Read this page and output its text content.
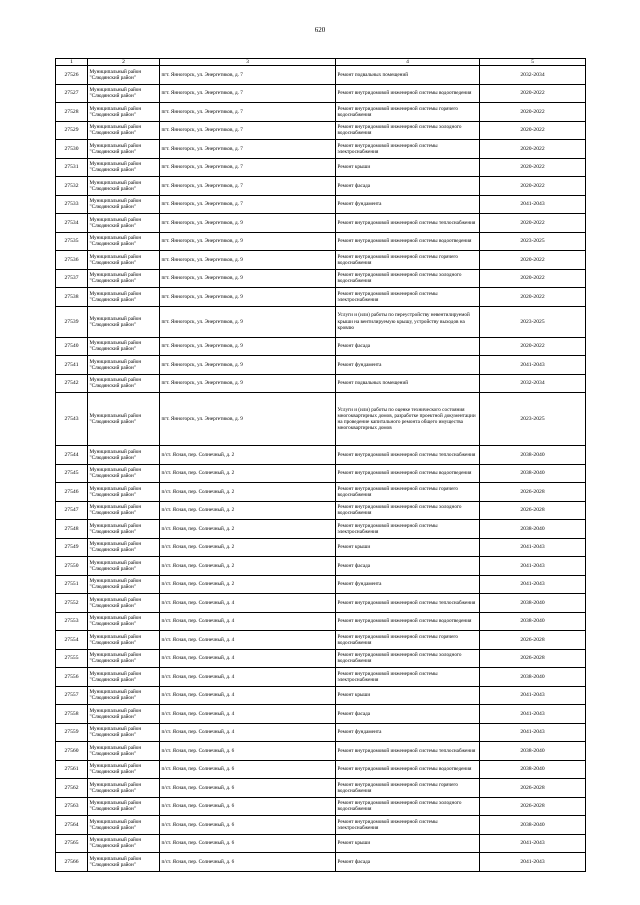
620
1	2	3	4	5
27526	Муниципальный район "Слюдянский район"	пгт. Янногорск, ул. Энергетиков, д. 7	Ремонт подвальных помещений	2032-2034
27527	Муниципальный район "Слюдянский район"	пгт. Янногорск, ул. Энергетиков, д. 7	Ремонт внутридомовой инженерной системы водоотведения	2020-2022
27528	Муниципальный район "Слюдянский район"	пгт. Янногорск, ул. Энергетиков, д. 7	Ремонт внутридомовой инженерной системы горячего водоснабжения	2020-2022
27529	Муниципальный район "Слюдянский район"	пгт. Янногорск, ул. Энергетиков, д. 7	Ремонт внутридомовой инженерной системы холодного водоснабжения	2020-2022
27530	Муниципальный район "Слюдянский район"	пгт. Янногорск, ул. Энергетиков, д. 7	Ремонт внутридомовой инженерной системы электроснабжения	2020-2022
27531	Муниципальный район "Слюдянский район"	пгт. Янногорск, ул. Энергетиков, д. 7	Ремонт крыши	2020-2022
27532	Муниципальный район "Слюдянский район"	пгт. Янногорск, ул. Энергетиков, д. 7	Ремонт фасада	2020-2022
27533	Муниципальный район "Слюдянский район"	пгт. Янногорск, ул. Энергетиков, д. 7	Ремонт фундамента	2041-2043
27534	Муниципальный район "Слюдянский район"	пгт. Янногорск, ул. Энергетиков, д. 9	Ремонт внутридомовой инженерной системы теплоснабжения	2020-2022
27535	Муниципальный район "Слюдянский район"	пгт. Янногорск, ул. Энергетиков, д. 9	Ремонт внутридомовой инженерной системы водоотведения	2023-2025
27536	Муниципальный район "Слюдянский район"	пгт. Янногорск, ул. Энергетиков, д. 9	Ремонт внутридомовой инженерной системы горячего водоснабжения	2020-2022
27537	Муниципальный район "Слюдянский район"	пгт. Янногорск, ул. Энергетиков, д. 9	Ремонт внутридомовой инженерной системы холодного водоснабжения	2020-2022
27538	Муниципальный район "Слюдянский район"	пгт. Янногорск, ул. Энергетиков, д. 9	Ремонт внутридомовой инженерной системы электроснабжения	2020-2022
27539	Муниципальный район "Слюдянский район"	пгт. Янногорск, ул. Энергетиков, д. 9	Услуги и (или) работы по переустройству невентилируемой крыши на вентилируемую крышу, устройству выходов на кровлю	2023-2025
27540	Муниципальный район "Слюдянский район"	пгт. Янногорск, ул. Энергетиков, д. 9	Ремонт фасада	2020-2022
27541	Муниципальный район "Слюдянский район"	пгт. Янногорск, ул. Энергетиков, д. 9	Ремонт фундамента	2041-2043
27542	Муниципальный район "Слюдянский район"	пгт. Янногорск, ул. Энергетиков, д. 9	Ремонт подвальных помещений	2032-2034
27543	Муниципальный район "Слюдянский район"	пгт. Янногорск, ул. Энергетиков, д. 9	Услуги и (или) работы по оценке технического состояния многоквартирных домов, разработке проектной документации на проведение капитального ремонта общего имущества многоквартирных домов	2023-2025
27544	Муниципальный район "Слюдянский район"	п/ст. Ясная, пер. Солнечный, д. 2	Ремонт внутридомовой инженерной системы теплоснабжения	2038-2040
27545	Муниципальный район "Слюдянский район"	п/ст. Ясная, пер. Солнечный, д. 2	Ремонт внутридомовой инженерной системы водоотведения	2038-2040
27546	Муниципальный район "Слюдянский район"	п/ст. Ясная, пер. Солнечный, д. 2	Ремонт внутридомовой инженерной системы горячего водоснабжения	2026-2028
27547	Муниципальный район "Слюдянский район"	п/ст. Ясная, пер. Солнечный, д. 2	Ремонт внутридомовой инженерной системы холодного водоснабжения	2026-2028
27548	Муниципальный район "Слюдянский район"	п/ст. Ясная, пер. Солнечный, д. 2	Ремонт внутридомовой инженерной системы электроснабжения	2038-2040
27549	Муниципальный район "Слюдянский район"	п/ст. Ясная, пер. Солнечный, д. 2	Ремонт крыши	2041-2043
27550	Муниципальный район "Слюдянский район"	п/ст. Ясная, пер. Солнечный, д. 2	Ремонт фасада	2041-2043
27551	Муниципальный район "Слюдянский район"	п/ст. Ясная, пер. Солнечный, д. 2	Ремонт фундамента	2041-2043
27552	Муниципальный район "Слюдянский район"	п/ст. Ясная, пер. Солнечный, д. 4	Ремонт внутридомовой инженерной системы теплоснабжения	2038-2040
27553	Муниципальный район "Слюдянский район"	п/ст. Ясная, пер. Солнечный, д. 4	Ремонт внутридомовой инженерной системы водоотведения	2038-2040
27554	Муниципальный район "Слюдянский район"	п/ст. Ясная, пер. Солнечный, д. 4	Ремонт внутридомовой инженерной системы горячего водоснабжения	2026-2028
27555	Муниципальный район "Слюдянский район"	п/ст. Ясная, пер. Солнечный, д. 4	Ремонт внутридомовой инженерной системы холодного водоснабжения	2026-2028
27556	Муниципальный район "Слюдянский район"	п/ст. Ясная, пер. Солнечный, д. 4	Ремонт внутридомовой инженерной системы электроснабжения	2038-2040
27557	Муниципальный район "Слюдянский район"	п/ст. Ясная, пер. Солнечный, д. 4	Ремонт крыши	2041-2043
27558	Муниципальный район "Слюдянский район"	п/ст. Ясная, пер. Солнечный, д. 4	Ремонт фасада	2041-2043
27559	Муниципальный район "Слюдянский район"	п/ст. Ясная, пер. Солнечный, д. 4	Ремонт фундамента	2041-2043
27560	Муниципальный район "Слюдянский район"	п/ст. Ясная, пер. Солнечный, д. 6	Ремонт внутридомовой инженерной системы теплоснабжения	2038-2040
27561	Муниципальный район "Слюдянский район"	п/ст. Ясная, пер. Солнечный, д. 6	Ремонт внутридомовой инженерной системы водоотведения	2038-2040
27562	Муниципальный район "Слюдянский район"	п/ст. Ясная, пер. Солнечный, д. 6	Ремонт внутридомовой инженерной системы горячего водоснабжения	2026-2028
27563	Муниципальный район "Слюдянский район"	п/ст. Ясная, пер. Солнечный, д. 6	Ремонт внутридомовой инженерной системы холодного водоснабжения	2026-2028
27564	Муниципальный район "Слюдянский район"	п/ст. Ясная, пер. Солнечный, д. 6	Ремонт внутридомовой инженерной системы электроснабжения	2038-2040
27565	Муниципальный район "Слюдянский район"	п/ст. Ясная, пер. Солнечный, д. 6	Ремонт крыши	2041-2043
27566	Муниципальный район "Слюдянский район"	п/ст. Ясная, пер. Солнечный, д. 6	Ремонт фасада	2041-2043
